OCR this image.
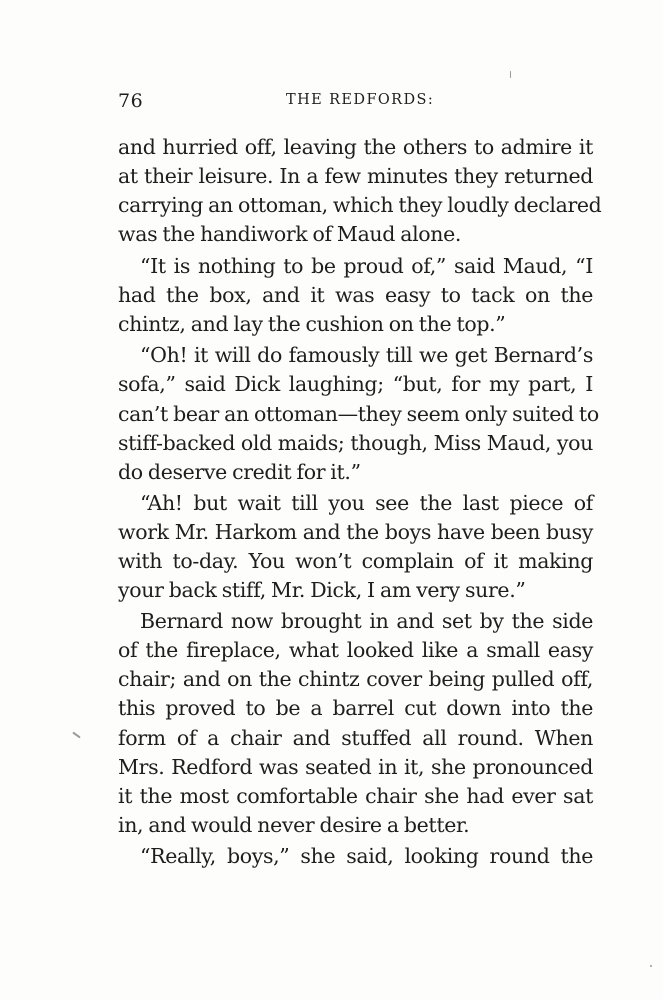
76	THE REDFORDS:
and hurried off, leaving the others to admire it
at their leisure. In a few minutes they returned
carrying an ottoman, which they loudly declared
was the handiwork of Maud alone.
“It is nothing to be proud of,” said Maud, “I
had the box, and it was easy to tack on the
chintz, and lay the cushion on the top.”
“Oh! it will do famously till we get Bernard’s
sofa,” said Dick laughing; “but, for my part, I
can’t bear an ottoman—they seem only suited to
stiff-backed old maids; though, Miss Maud, you
do deserve credit for it.”
“Ah! but wait till you see the last piece of
work Mr. Harkom and the boys have been busy
with to-day. You won’t complain of it making
your back stiff, Mr. Dick, I am very sure.”
Bernard now brought in and set by the side
of the fireplace, what looked like a small easy
chair; and on the chintz cover being pulled off,
this proved to be a barrel cut down into the
form of a chair and stuffed all round. When
Mrs. Redford was seated in it, she pronounced
it the most comfortable chair she had ever sat
in, and would never desire a better.
“Really, boys,” she said, looking round the
